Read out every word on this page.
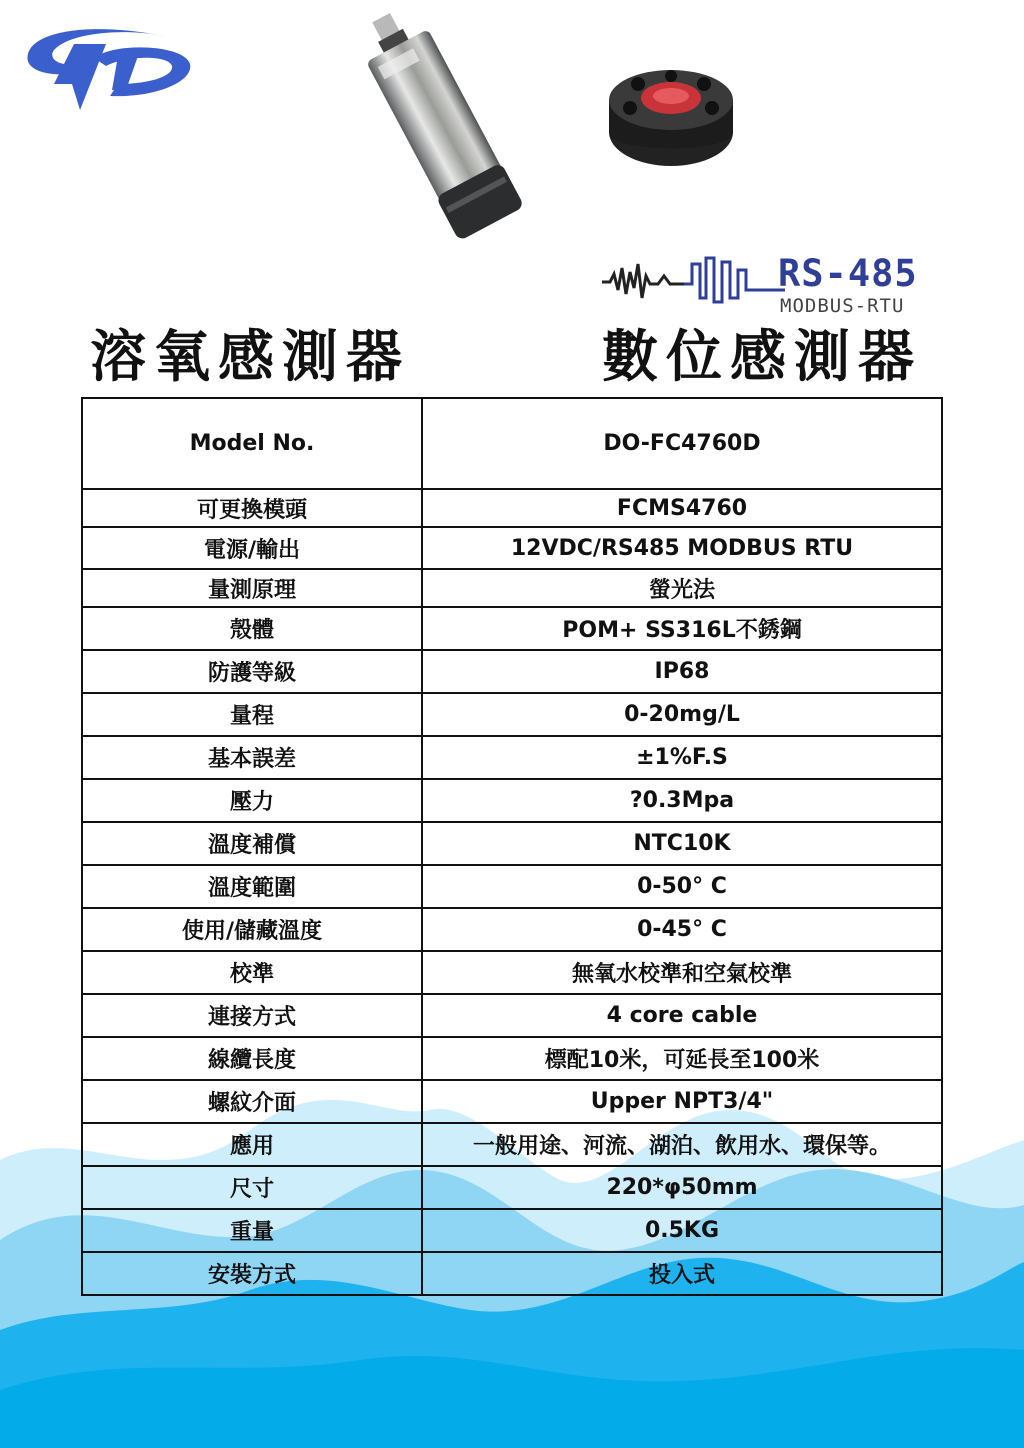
RS-485
MODBUS-RTU
溶氧感測器	數位感測器
Model No.	DO-FC4760D
可更換模頭	FCMS4760
電源/輸出	12VDC/RS485 MODBUS RTU
量測原理	螢光法
殼體	POM+ SS316L不銹鋼
防護等級	IP68
量程	0-20mg/L
基本誤差	±1%F.S
壓力	?0.3Mpa
溫度補償	NTC10K
溫度範圍	0-50° C
使用/儲藏溫度	0-45° C
校準	無氧水校準和空氣校準
連接方式	4 core cable
線纜長度	標配10米，可延長至100米
螺紋介面	Upper NPT3/4"
應用	一般用途、河流、湖泊、飲用水、環保等。
尺寸	220*φ50mm
重量	0.5KG
安裝方式	投入式
